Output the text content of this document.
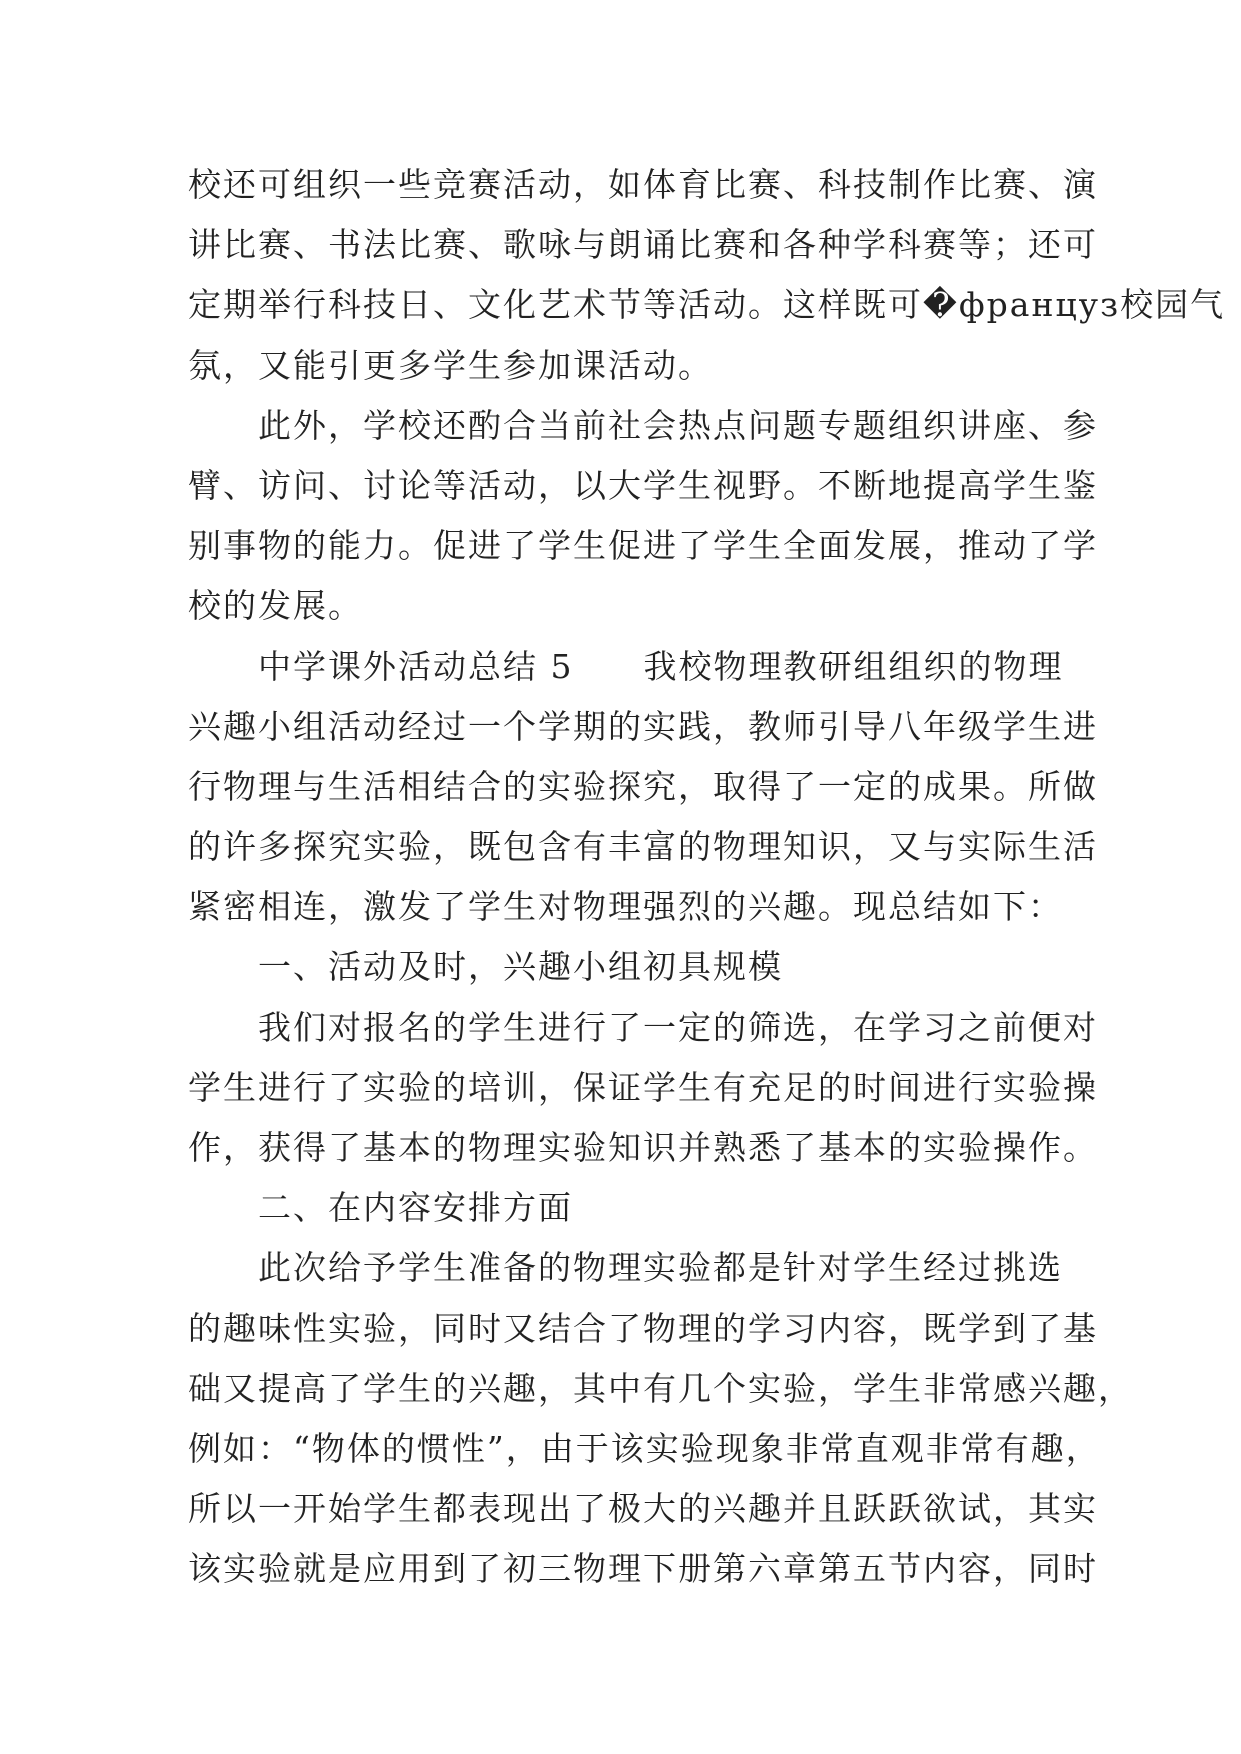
校还可组织一些竞赛活动，如体育比赛、科技制作比赛、演
讲比赛、书法比赛、歌咏与朗诵比赛和各种学科赛等；还可
定期举行科技日、文化艺术节等活动。这样既可�француз校园气
氛，又能引更多学生参加课活动。
　　此外，学校还酌合当前社会热点问题专题组织讲座、参
臂、访问、讨论等活动，以大学生视野。不断地提高学生鉴
别事物的能力。促进了学生促进了学生全面发展，推动了学
校的发展。
　　中学课外活动总结 5　　我校物理教研组组织的物理
兴趣小组活动经过一个学期的实践，教师引导八年级学生进
行物理与生活相结合的实验探究，取得了一定的成果。所做
的许多探究实验，既包含有丰富的物理知识，又与实际生活
紧密相连，激发了学生对物理强烈的兴趣。现总结如下：
　　一、活动及时，兴趣小组初具规模
　　我们对报名的学生进行了一定的筛选，在学习之前便对
学生进行了实验的培训，保证学生有充足的时间进行实验操
作，获得了基本的物理实验知识并熟悉了基本的实验操作。
　　二、在内容安排方面
　　此次给予学生准备的物理实验都是针对学生经过挑选
的趣味性实验，同时又结合了物理的学习内容，既学到了基
础又提高了学生的兴趣，其中有几个实验，学生非常感兴趣，
例如：“物体的惯性”，由于该实验现象非常直观非常有趣，
所以一开始学生都表现出了极大的兴趣并且跃跃欲试，其实
该实验就是应用到了初三物理下册第六章第五节内容，同时
